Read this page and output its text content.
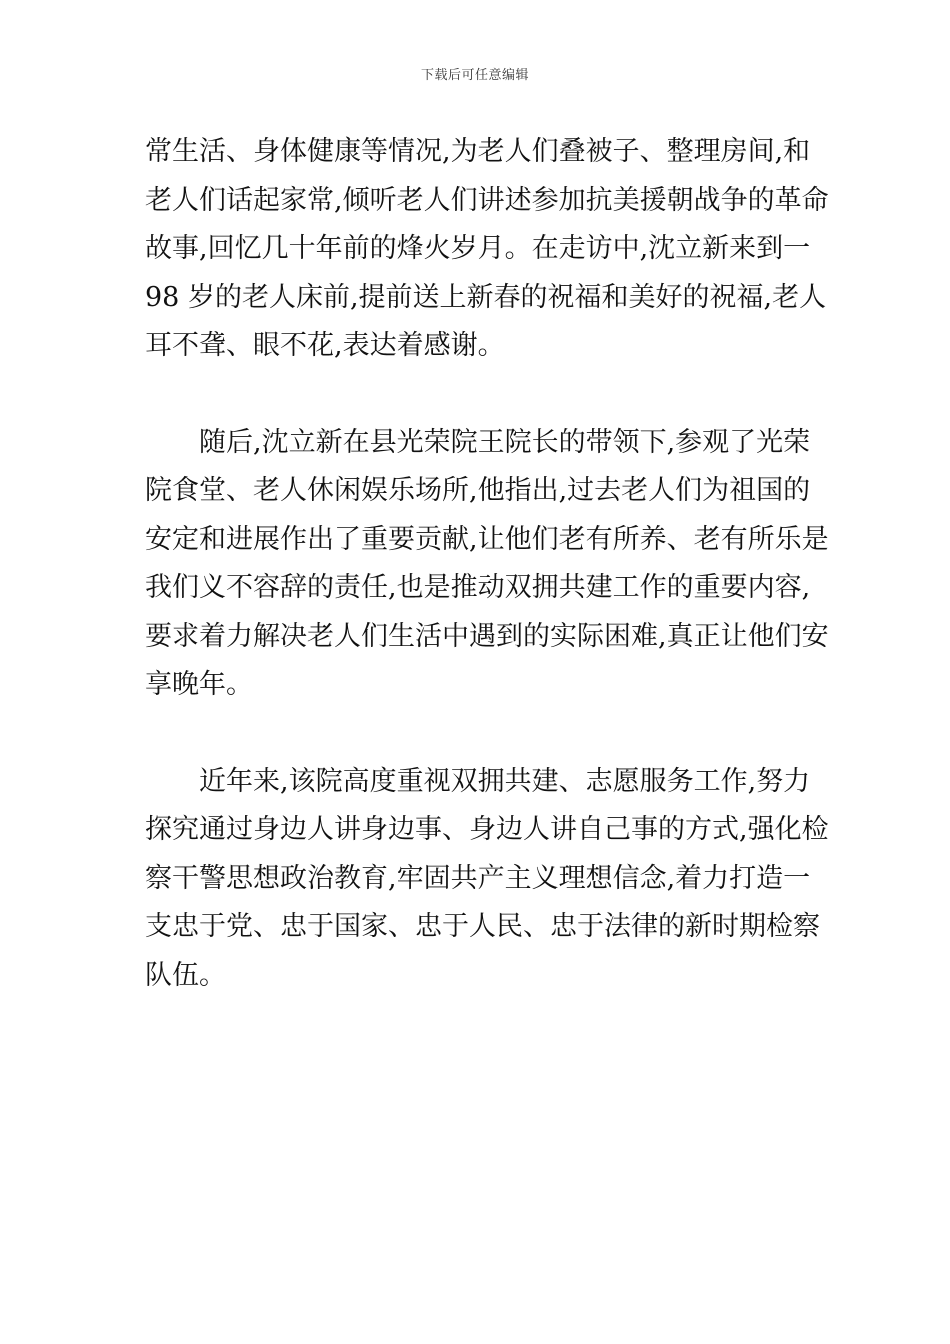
下载后可任意编辑
常生活、身体健康等情况,为老人们叠被子、整理房间,和
老人们话起家常,倾听老人们讲述参加抗美援朝战争的革命
故事,回忆几十年前的烽火岁月。在走访中,沈立新来到一
98 岁的老人床前,提前送上新春的祝福和美好的祝福,老人
耳不聋、眼不花,表达着感谢。
随后,沈立新在县光荣院王院长的带领下,参观了光荣
院食堂、老人休闲娱乐场所,他指出,过去老人们为祖国的
安定和进展作出了重要贡献,让他们老有所养、老有所乐是
我们义不容辞的责任,也是推动双拥共建工作的重要内容,
要求着力解决老人们生活中遇到的实际困难,真正让他们安
享晚年。
近年来,该院高度重视双拥共建、志愿服务工作,努力
探究通过身边人讲身边事、身边人讲自己事的方式,强化检
察干警思想政治教育,牢固共产主义理想信念,着力打造一
支忠于党、忠于国家、忠于人民、忠于法律的新时期检察
队伍。
